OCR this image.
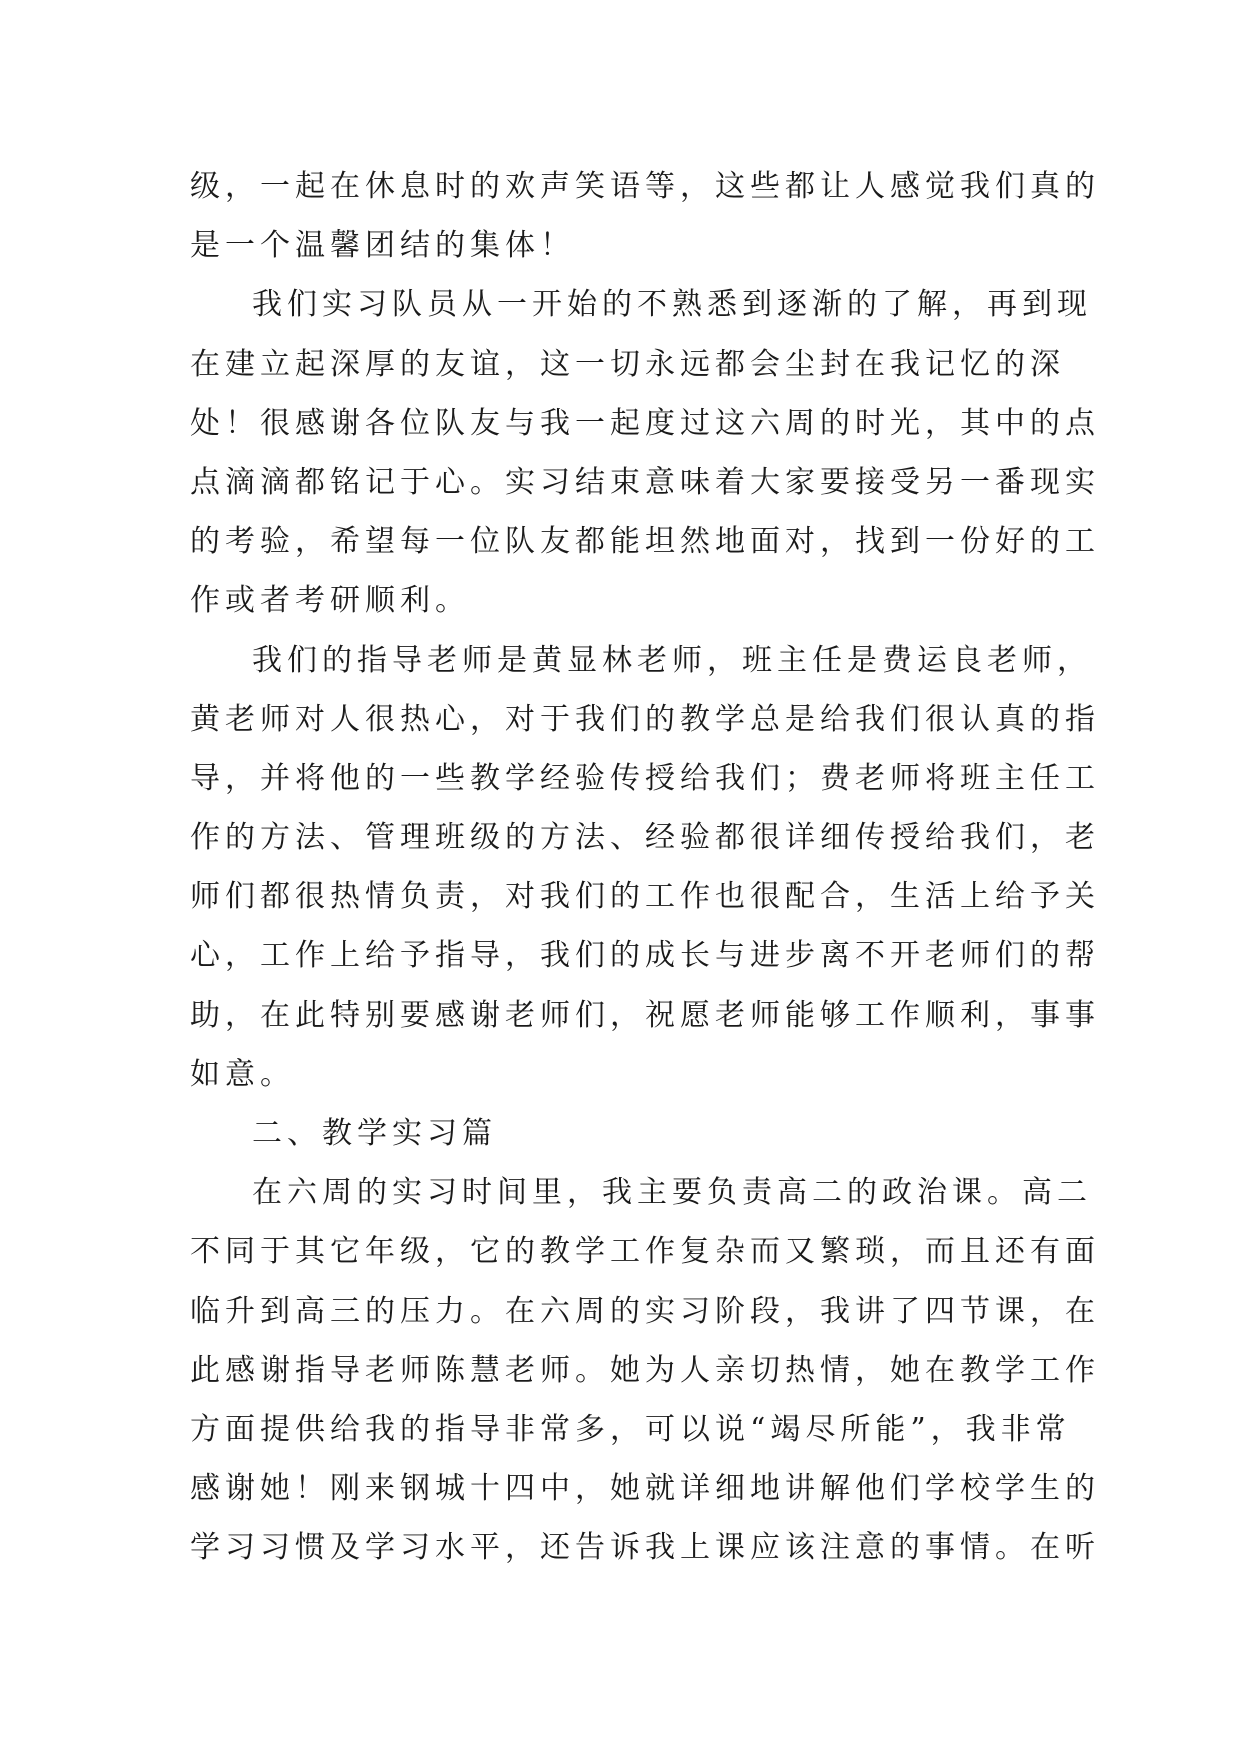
级，一起在休息时的欢声笑语等，这些都让人感觉我们真的
是一个温馨团结的集体！
我们实习队员从一开始的不熟悉到逐渐的了解，再到现
在建立起深厚的友谊，这一切永远都会尘封在我记忆的深
处！很感谢各位队友与我一起度过这六周的时光，其中的点
点滴滴都铭记于心。实习结束意味着大家要接受另一番现实
的考验，希望每一位队友都能坦然地面对，找到一份好的工
作或者考研顺利。
我们的指导老师是黄显林老师，班主任是费运良老师，
黄老师对人很热心，对于我们的教学总是给我们很认真的指
导，并将他的一些教学经验传授给我们；费老师将班主任工
作的方法、管理班级的方法、经验都很详细传授给我们，老
师们都很热情负责，对我们的工作也很配合，生活上给予关
心，工作上给予指导，我们的成长与进步离不开老师们的帮
助，在此特别要感谢老师们，祝愿老师能够工作顺利，事事
如意。
二、教学实习篇
在六周的实习时间里，我主要负责高二的政治课。高二
不同于其它年级，它的教学工作复杂而又繁琐，而且还有面
临升到高三的压力。在六周的实习阶段，我讲了四节课，在
此感谢指导老师陈慧老师。她为人亲切热情，她在教学工作
方面提供给我的指导非常多，可以说“竭尽所能”，我非常
感谢她！刚来钢城十四中，她就详细地讲解他们学校学生的
学习习惯及学习水平，还告诉我上课应该注意的事情。在听
